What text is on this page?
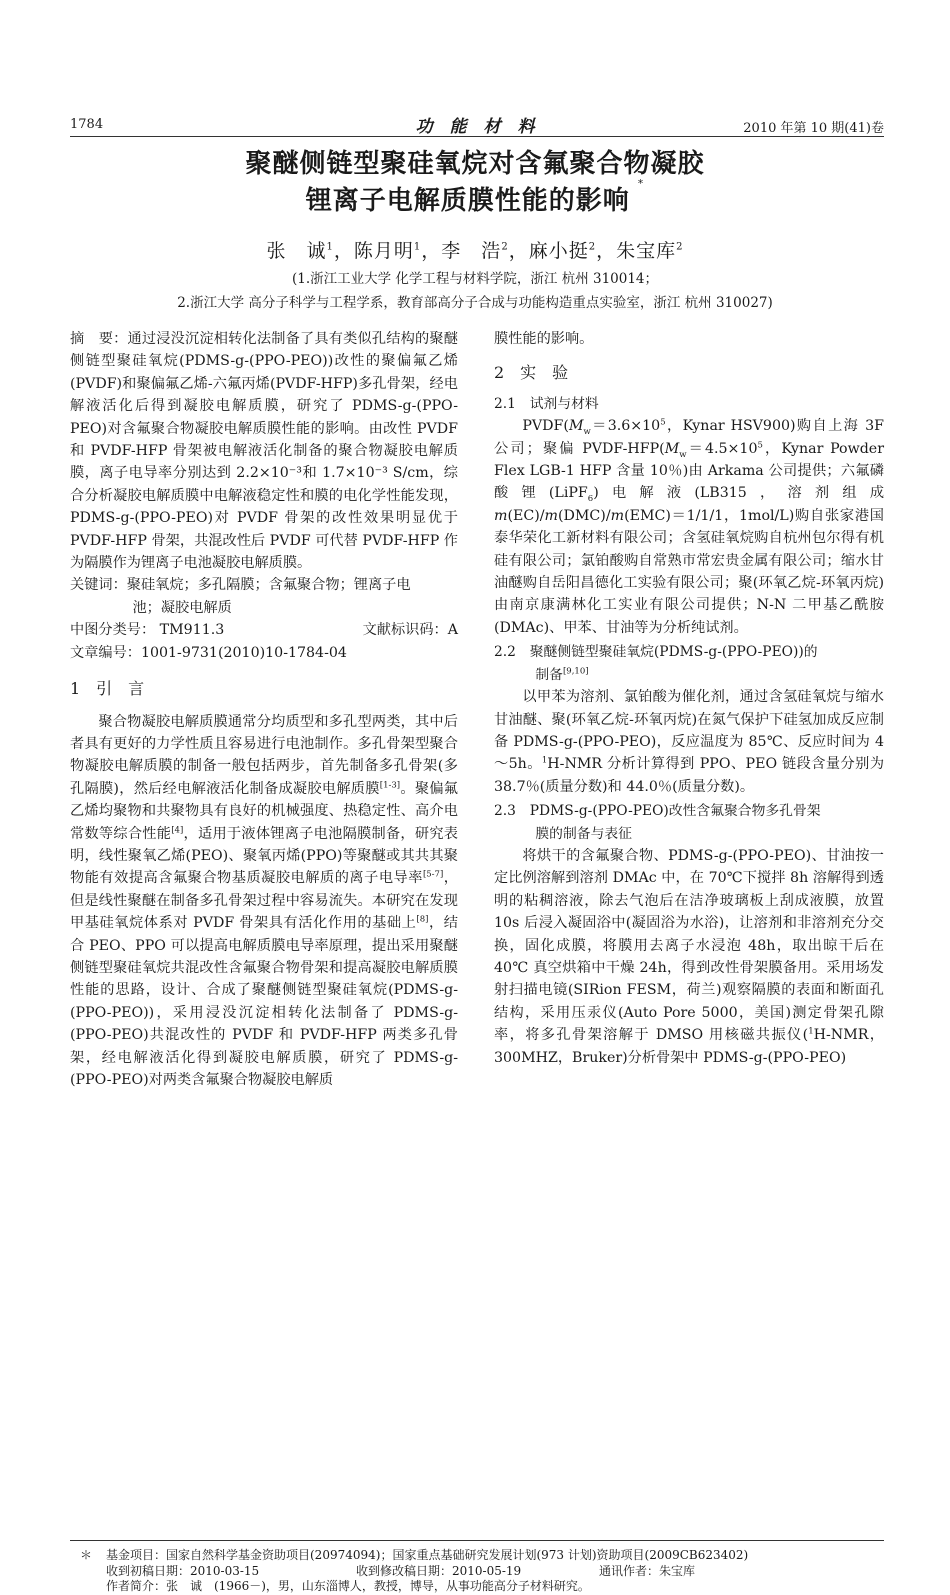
1784	功　能　材　料	2010 年第 10 期(41)卷
聚醚侧链型聚硅氧烷对含氟聚合物凝胶
锂离子电解质膜性能的影响*
张　诚$^1$，陈月明$^1$，李　浩$^2$，麻小挺$^2$，朱宝库$^2$
(1.浙江工业大学 化学工程与材料学院，浙江 杭州 310014；
2.浙江大学 高分子科学与工程学系，教育部高分子合成与功能构造重点实验室，浙江 杭州 310027)
摘　要：通过浸没沉淀相转化法制备了具有类似孔结构的聚醚侧链型聚硅氧烷(PDMS-g-(PPO-PEO))改性的聚偏氟乙烯(PVDF)和聚偏氟乙烯-六氟丙烯(PVDF-HFP)多孔骨架，经电解液活化后得到凝胶电解质膜，研究了 PDMS-g-(PPO-PEO)对含氟聚合物凝胶电解质膜性能的影响。由改性 PVDF 和 PVDF-HFP 骨架被电解液活化制备的聚合物凝胶电解质膜，离子电导率分别达到 2.2×10⁻³和 1.7×10⁻³ S/cm，综合分析凝胶电解质膜中电解液稳定性和膜的电化学性能发现，PDMS-g-(PPO-PEO)对 PVDF 骨架的改性效果明显优于 PVDF-HFP 骨架，共混改性后 PVDF 可代替 PVDF-HFP 作为隔膜作为锂离子电池凝胶电解质膜。
关键词：聚硅氧烷；多孔隔膜；含氟聚合物；锂离子电
池；凝胶电解质
中图分类号： TM911.3	文献标识码：A
文章编号：1001-9731(2010)10-1784-04
1　引　言
聚合物凝胶电解质膜通常分均质型和多孔型两类，其中后者具有更好的力学性质且容易进行电池制作。多孔骨架型聚合物凝胶电解质膜的制备一般包括两步，首先制备多孔骨架(多孔隔膜)，然后经电解液活化制备成凝胶电解质膜[1-3]。聚偏氟乙烯均聚物和共聚物具有良好的机械强度、热稳定性、高介电常数等综合性能[4]，适用于液体锂离子电池隔膜制备，研究表明，线性聚氧乙烯(PEO)、聚氧丙烯(PPO)等聚醚或其共其聚物能有效提高含氟聚合物基质凝胶电解质的离子电导率[5-7]，但是线性聚醚在制备多孔骨架过程中容易流失。本研究在发现甲基硅氧烷体系对 PVDF 骨架具有活化作用的基础上[8]，结合 PEO、PPO 可以提高电解质膜电导率原理，提出采用聚醚侧链型聚硅氧烷共混改性含氟聚合物骨架和提高凝胶电解质膜性能的思路，设计、合成了聚醚侧链型聚硅氧烷(PDMS-g-(PPO-PEO))，采用浸没沉淀相转化法制备了 PDMS-g-(PPO-PEO)共混改性的 PVDF 和 PVDF-HFP 两类多孔骨架，经电解液活化得到凝胶电解质膜，研究了 PDMS-g-(PPO-PEO)对两类含氟聚合物凝胶电解质
膜性能的影响。
2　实　验
2.1　试剂与材料
$PVDF(M_w=3.6\times 10^5$，Kynar HSV900)购自上海 3F 公司；聚偏 PVDF-$HFP(M_w=4.5\times 10^5$，Kynar Powder Flex LGB-1 HFP 含量 10％)由 Arkama 公司提供；六氟磷酸锂(LiPF$_6$)电解液(LB315，溶剂组成 m(EC)/m(DMC)/m(EMC)＝1/1/1，1mol/L)购自张家港国泰华荣化工新材料有限公司；含氢硅氧烷购自杭州包尔得有机硅有限公司；氯铂酸购自常熟市常宏贵金属有限公司；缩水甘油醚购自岳阳昌德化工实验有限公司；聚(环氧乙烷-环氧丙烷)由南京康满林化工实业有限公司提供；N-N 二甲基乙酰胺(DMAc)、甲苯、甘油等为分析纯试剂。
2.2　聚醚侧链型聚硅氧烷(PDMS-g-(PPO-PEO))的
制备[9,10]
以甲苯为溶剂、氯铂酸为催化剂，通过含氢硅氧烷与缩水甘油醚、聚(环氧乙烷-环氧丙烷)在氮气保护下硅氢加成反应制备 PDMS-g-(PPO-PEO)，反应温度为 85℃、反应时间为 4～5h。$^1$H-NMR 分析计算得到 PPO、PEO 链段含量分别为 38.7％(质量分数)和 44.0％(质量分数)。
2.3　PDMS-g-(PPO-PEO)改性含氟聚合物多孔骨架
膜的制备与表征
将烘干的含氟聚合物、PDMS-g-(PPO-PEO)、甘油按一定比例溶解到溶剂 DMAc 中，在 70℃下搅拌 8h 溶解得到透明的粘稠溶液，除去气泡后在洁净玻璃板上刮成液膜，放置 10s 后浸入凝固浴中(凝固浴为水浴)，让溶剂和非溶剂充分交换，固化成膜，将膜用去离子水浸泡 48h，取出晾干后在 40℃ 真空烘箱中干燥 24h，得到改性骨架膜备用。采用场发射扫描电镜(SIRion FESM，荷兰)观察隔膜的表面和断面孔结构，采用压汞仪(Auto Pore 5000，美国)测定骨架孔隙率，将多孔骨架溶解于 DMSO 用核磁共振仪($^1$H-NMR，300MHZ，Bruker)分析骨架中 PDMS-g-(PPO-PEO)
＊ 基金项目：国家自然科学基金资助项目(20974094)；国家重点基础研究发展计划(973 计划)资助项目(2009CB623402)
收到初稿日期：2010-03-15	收到修改稿日期：2010-05-19	通讯作者：朱宝库
作者简介：张　诚　(1966－)，男，山东淄博人，教授，博导，从事功能高分子材料研究。
